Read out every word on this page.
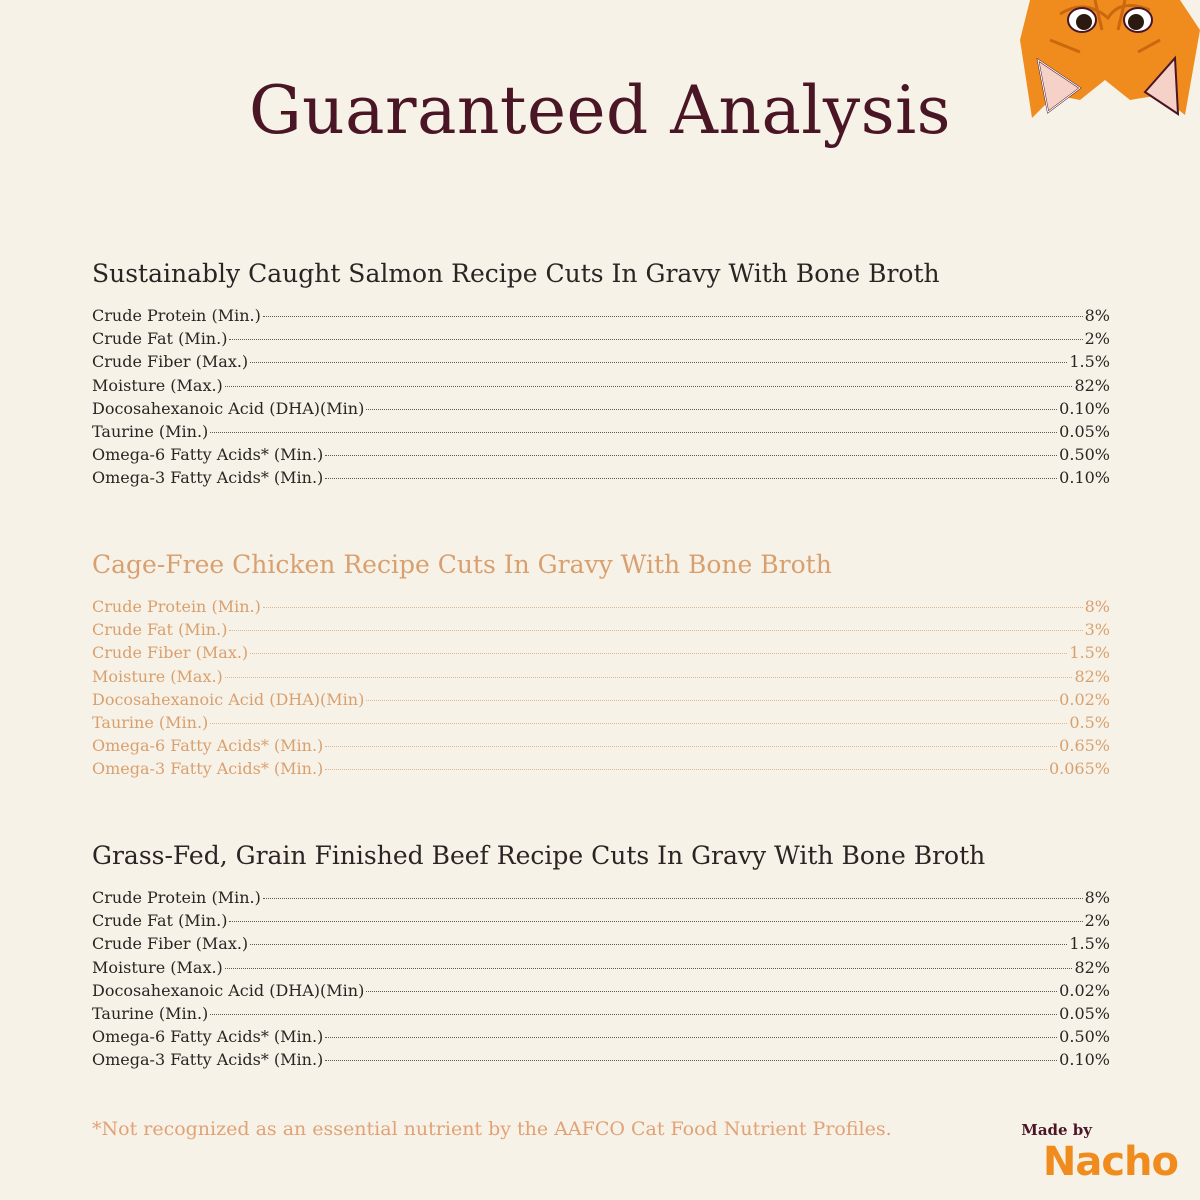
Guaranteed Analysis
Sustainably Caught Salmon Recipe Cuts In Gravy With Bone Broth
Crude Protein (Min.)	8%
Crude Fat (Min.)	2%
Crude Fiber (Max.)	1.5%
Moisture (Max.)	82%
Docosahexanoic Acid (DHA)(Min)	0.10%
Taurine (Min.)	0.05%
Omega-6 Fatty Acids* (Min.)	0.50%
Omega-3 Fatty Acids* (Min.)	0.10%
Cage-Free Chicken Recipe Cuts In Gravy With Bone Broth
Crude Protein (Min.)	8%
Crude Fat (Min.)	3%
Crude Fiber (Max.)	1.5%
Moisture (Max.)	82%
Docosahexanoic Acid (DHA)(Min)	0.02%
Taurine (Min.)	0.5%
Omega-6 Fatty Acids* (Min.)	0.65%
Omega-3 Fatty Acids* (Min.)	0.065%
Grass-Fed, Grain Finished Beef Recipe Cuts In Gravy With Bone Broth
Crude Protein (Min.)	8%
Crude Fat (Min.)	2%
Crude Fiber (Max.)	1.5%
Moisture (Max.)	82%
Docosahexanoic Acid (DHA)(Min)	0.02%
Taurine (Min.)	0.05%
Omega-6 Fatty Acids* (Min.)	0.50%
Omega-3 Fatty Acids* (Min.)	0.10%
*Not recognized as an essential nutrient by the AAFCO Cat Food Nutrient Profiles.	Made by
Nacho
